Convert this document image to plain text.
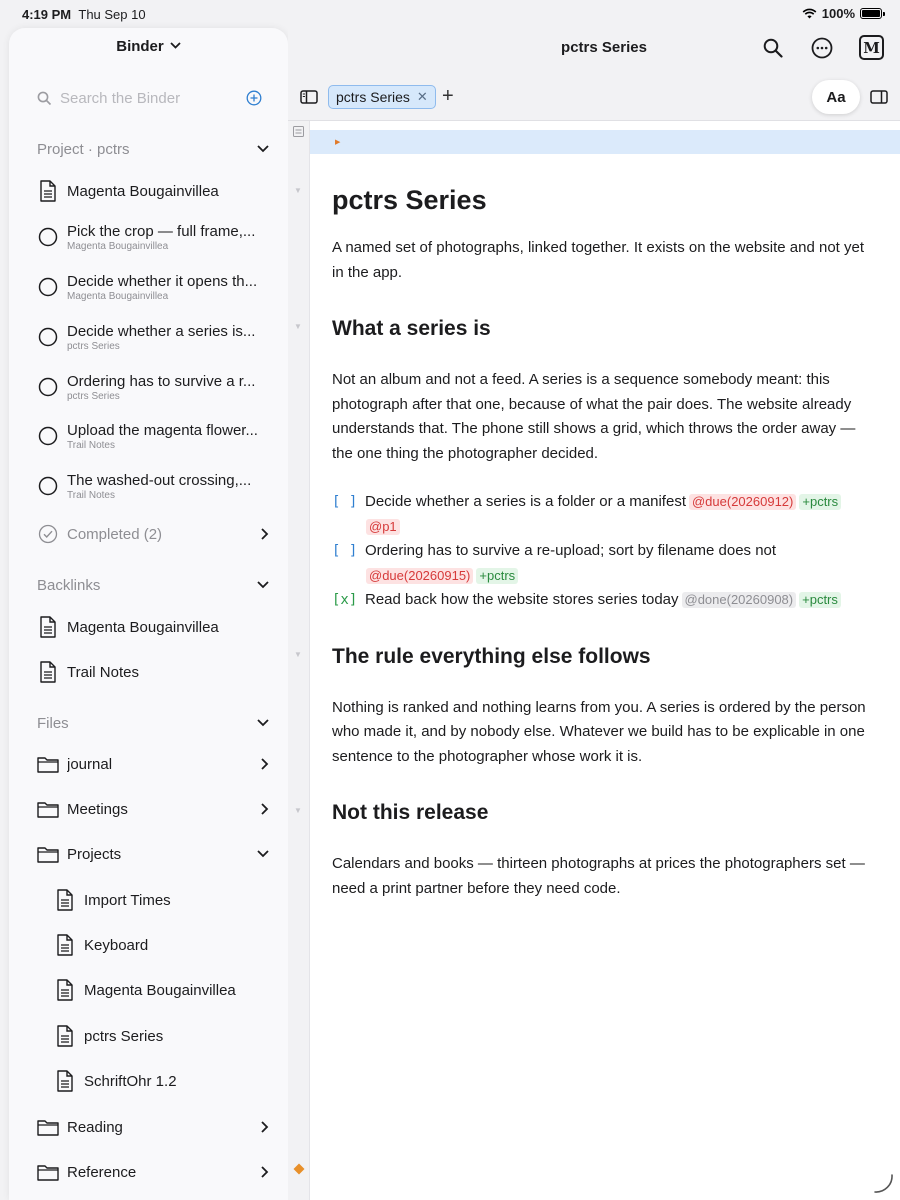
4:19 PM Thu Sep 10	100%
Binder
Search the Binder
Project · pctrs
Magenta Bougainvillea
Pick the crop — full frame,...
Magenta Bougainvillea
Decide whether it opens th...
Magenta Bougainvillea
Decide whether a series is...
pctrs Series
Ordering has to survive a r...
pctrs Series
Upload the magenta flower...
Trail Notes
The washed-out crossing,...
Trail Notes
Completed (2)
Backlinks
Magenta Bougainvillea
Trail Notes
Files
journal
Meetings
Projects
Import Times
Keyboard
Magenta Bougainvillea
pctrs Series
SchriftOhr 1.2
Reading
Reference
pctrs Series	M
pctrs Series ✕ +	Aa
▼
▼
▼
▼
▶
pctrs Series

A named set of photographs, linked together. It exists on the website and not yet in the app.

What a series is

Not an album and not a feed. A series is a sequence somebody meant: this photograph after that one, because of what the pair does. The website already understands that. The phone still shows a grid, which throws the order away — the one thing the photographer decided.

[ ] Decide whether a series is a folder or a manifest @due(20260912) +pctrs
@p1
[ ] Ordering has to survive a re-upload; sort by filename does not
@due(20260915) +pctrs
[x] Read back how the website stores series today @done(20260908) +pctrs
The rule everything else follows

Nothing is ranked and nothing learns from you. A series is ordered by the person who made it, and by nobody else. Whatever we build has to be explicable in one sentence to the photographer whose work it is.

Not this release

Calendars and books — thirteen photographs at prices the photographers set — need a print partner before they need code.
